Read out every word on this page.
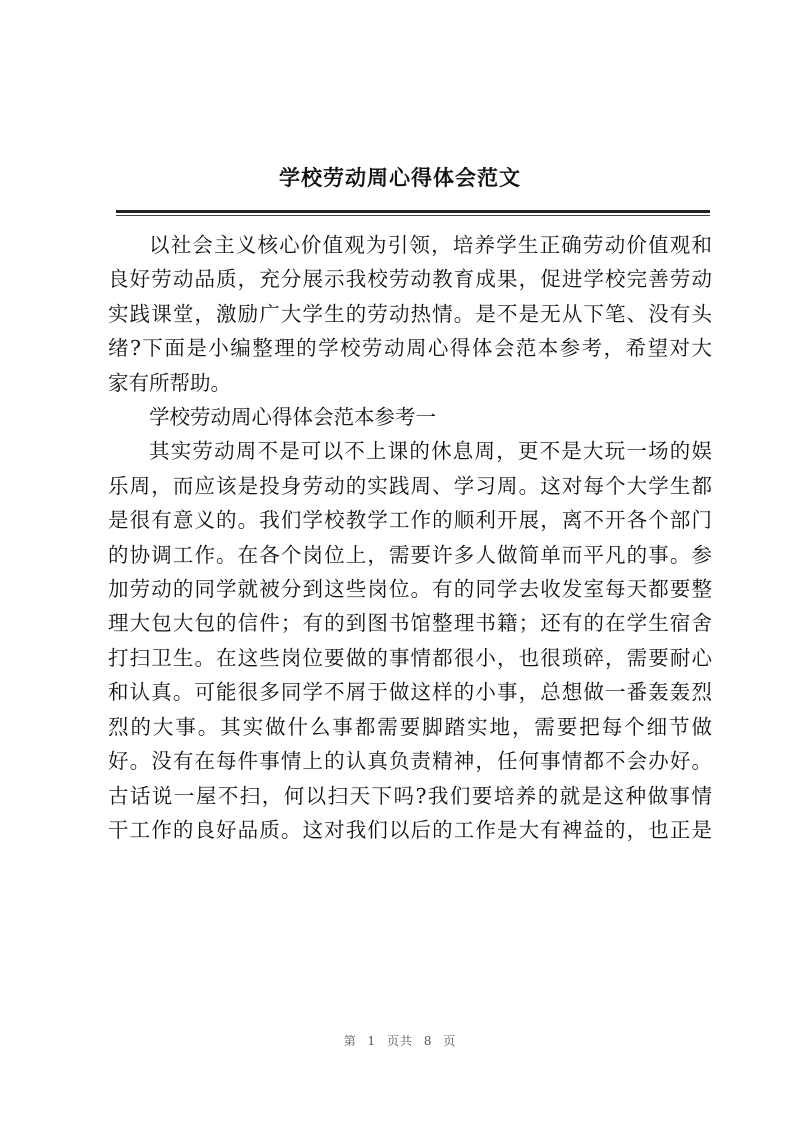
学校劳动周心得体会范文
以社会主义核心价值观为引领，培养学生正确劳动价值观和
良好劳动品质，充分展示我校劳动教育成果，促进学校完善劳动
实践课堂，激励广大学生的劳动热情。是不是无从下笔、没有头
绪?下面是小编整理的学校劳动周心得体会范本参考，希望对大
家有所帮助。
学校劳动周心得体会范本参考一
其实劳动周不是可以不上课的休息周，更不是大玩一场的娱
乐周，而应该是投身劳动的实践周、学习周。这对每个大学生都
是很有意义的。我们学校教学工作的顺利开展，离不开各个部门
的协调工作。在各个岗位上，需要许多人做简单而平凡的事。参
加劳动的同学就被分到这些岗位。有的同学去收发室每天都要整
理大包大包的信件；有的到图书馆整理书籍；还有的在学生宿舍
打扫卫生。在这些岗位要做的事情都很小，也很琐碎，需要耐心
和认真。可能很多同学不屑于做这样的小事，总想做一番轰轰烈
烈的大事。其实做什么事都需要脚踏实地，需要把每个细节做
好。没有在每件事情上的认真负责精神，任何事情都不会办好。
古话说一屋不扫，何以扫天下吗?我们要培养的就是这种做事情
干工作的良好品质。这对我们以后的工作是大有裨益的，也正是
第 1 页共 8 页
